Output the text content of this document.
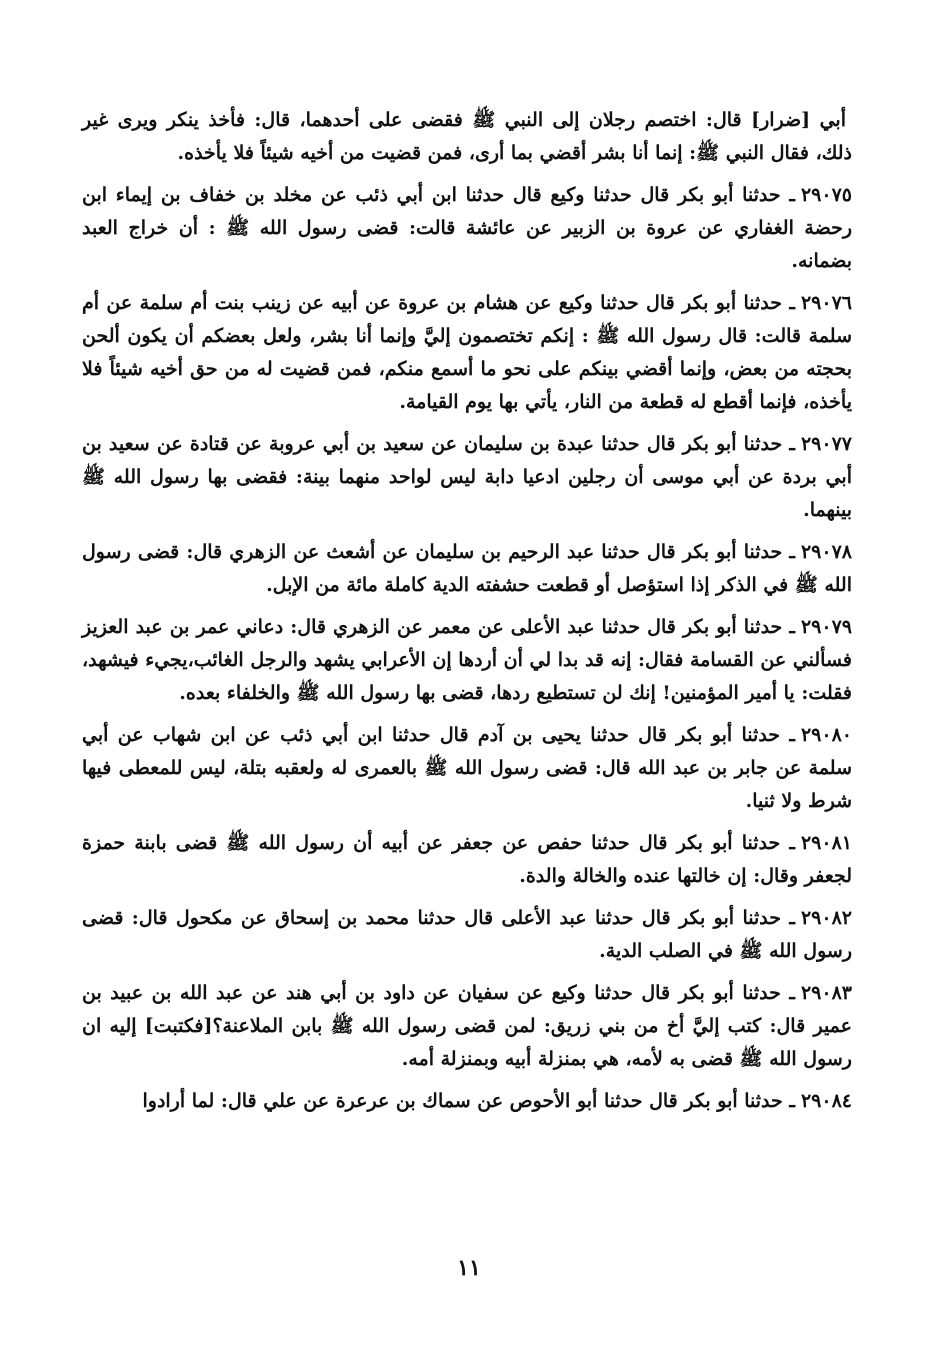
أبي [ضرار] قال: اختصم رجلان إلى النبي ﷺ فقضى على أحدهما، قال: فأخذ ينكر ويرى غير ذلك، فقال النبي ﷺ: إنما أنا بشر أقضي بما أرى، فمن قضيت من أخيه شيئاً فلا يأخذه.

٢٩٠٧٥ـ حدثنا أبو بكر قال حدثنا وكيع قال حدثنا ابن أبي ذئب عن مخلد بن خفاف بن إيماء ابن رحضة الغفاري عن عروة بن الزبير عن عائشة قالت: قضى رسول الله ﷺ : أن خراج العبد بضمانه.

٢٩٠٧٦ـ حدثنا أبو بكر قال حدثنا وكيع عن هشام بن عروة عن أبيه عن زينب بنت أم سلمة عن أم سلمة قالت: قال رسول الله ﷺ : إنكم تختصمون إليَّ وإنما أنا بشر، ولعل بعضكم أن يكون ألحن بحجته من بعض، وإنما أقضي بينكم على نحو ما أسمع منكم، فمن قضيت له من حق أخيه شيئاً فلا يأخذه، فإنما أقطع له قطعة من النار، يأتي بها يوم القيامة.

٢٩٠٧٧ـ حدثنا أبو بكر قال حدثنا عبدة بن سليمان عن سعيد بن أبي عروبة عن قتادة عن سعيد بن أبي بردة عن أبي موسى أن رجلين ادعيا دابة ليس لواحد منهما بينة: فقضى بها رسول الله ﷺ بينهما.

٢٩٠٧٨ـ حدثنا أبو بكر قال حدثنا عبد الرحيم بن سليمان عن أشعث عن الزهري قال: قضى رسول الله ﷺ في الذكر إذا استؤصل أو قطعت حشفته الدية كاملة مائة من الإبل.

٢٩٠٧٩ـ حدثنا أبو بكر قال حدثنا عبد الأعلى عن معمر عن الزهري قال: دعاني عمر بن عبد العزيز فسألني عن القسامة فقال: إنه قد بدا لي أن أردها إن الأعرابي يشهد والرجل الغائب،يجيء فيشهد، فقلت: يا أمير المؤمنين! إنك لن تستطيع ردها، قضى بها رسول الله ﷺ والخلفاء بعده.

٢٩٠٨٠ـ حدثنا أبو بكر قال حدثنا يحيى بن آدم قال حدثنا ابن أبي ذئب عن ابن شهاب عن أبي سلمة عن جابر بن عبد الله قال: قضى رسول الله ﷺ بالعمرى له ولعقبه بتلة، ليس للمعطى فيها شرط ولا ثنيا.

٢٩٠٨١ـ حدثنا أبو بكر قال حدثنا حفص عن جعفر عن أبيه أن رسول الله ﷺ قضى بابنة حمزة لجعفر وقال: إن خالتها عنده والخالة والدة.

٢٩٠٨٢ـ حدثنا أبو بكر قال حدثنا عبد الأعلى قال حدثنا محمد بن إسحاق عن مكحول قال: قضى رسول الله ﷺ في الصلب الدية.

٢٩٠٨٣ـ حدثنا أبو بكر قال حدثنا وكيع عن سفيان عن داود بن أبي هند عن عبد الله بن عبيد بن عمير قال: كتب إليَّ أخ من بني زريق: لمن قضى رسول الله ﷺ بابن الملاعنة؟[فكتبت] إليه ان رسول الله ﷺ قضى به لأمه، هي بمنزلة أبيه وبمنزلة أمه.

٢٩٠٨٤ـ حدثنا أبو بكر قال حدثنا أبو الأحوص عن سماك بن عرعرة عن علي قال: لما أرادوا

١١
